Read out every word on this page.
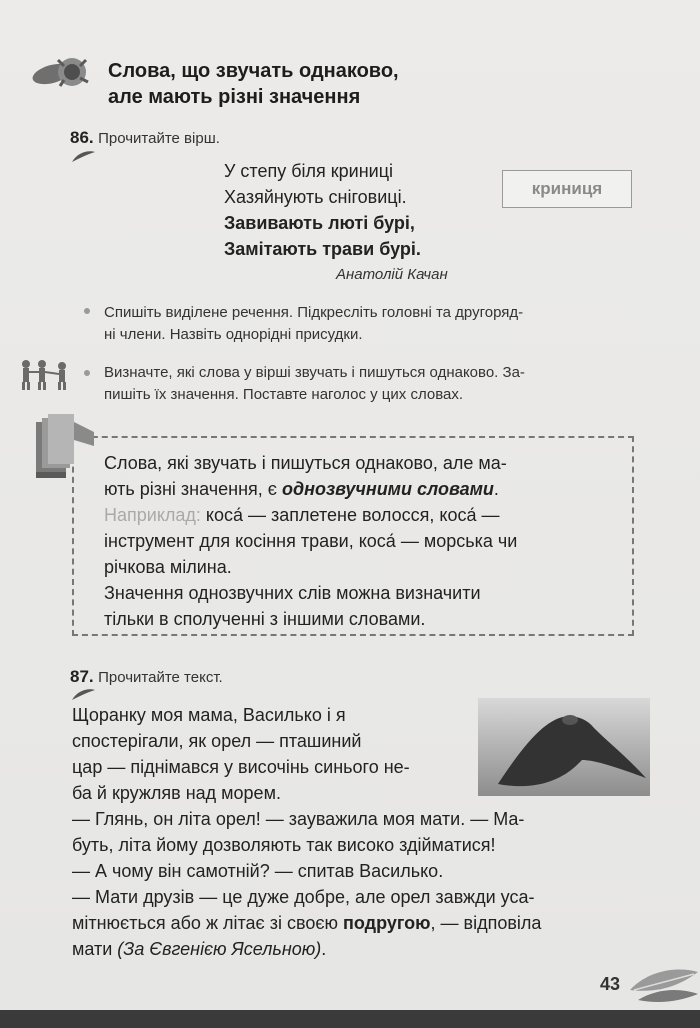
Слова, що звучать однаково,
але мають різні значення
86. Прочитайте вірш.
У степу біля криниці
Хазяйнують сніговиці.
Завивають люті бурі,
Замітають трави бурі.
Анатолій Качан
криниця
Спишіть виділене речення. Підкресліть головні та другоряд-
ні члени. Назвіть однорідні присудки.
Визначте, які слова у вірші звучать і пишуться однаково. За-
пишіть їх значення. Поставте наголос у цих словах.
Слова, які звучать і пишуться однаково, але ма-
ють різні значення, є однозвучними словами.
Наприклад: коса́ — заплетене волосся, коса́ —
інструмент для косіння трави, коса́ — морська чи
річкова мілина.
Значення однозвучних слів можна визначити
тільки в сполученні з іншими словами.
87. Прочитайте текст.
Щоранку моя мама, Василько і я
спостерігали, як орел — пташиний
цар — піднімався у височінь синього не-
ба й кружляв над морем.
— Глянь, он літа орел! — зауважила моя мати. — Ма-
буть, літа йому дозволяють так високо здійматися!
— А чому він самотній? — спитав Василько.
— Мати друзів — це дуже добре, але орел завжди уса-
мітнюється або ж літає зі своєю подругою, — відповіла
мати (За Євгенією Ясельною).
43
